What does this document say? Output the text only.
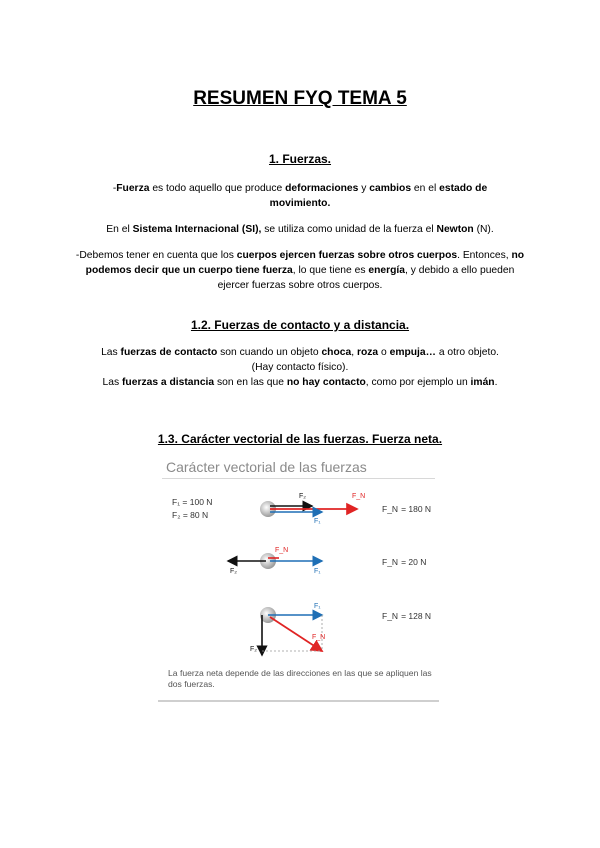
RESUMEN FYQ TEMA 5
1. Fuerzas.
-Fuerza es todo aquello que produce deformaciones y cambios en el estado de movimiento.
En el Sistema Internacional (SI), se utiliza como unidad de la fuerza el Newton (N).
-Debemos tener en cuenta que los cuerpos ejercen fuerzas sobre otros cuerpos. Entonces, no podemos decir que un cuerpo tiene fuerza, lo que tiene es energía, y debido a ello pueden ejercer fuerzas sobre otros cuerpos.
1.2. Fuerzas de contacto y a distancia.
Las fuerzas de contacto son cuando un objeto choca, roza o empuja… a otro objeto.
(Hay contacto físico).
Las fuerzas a distancia son en las que no hay contacto, como por ejemplo un imán.
1.3. Carácter vectorial de las fuerzas. Fuerza neta.
Carácter vectorial de las fuerzas
F₁ = 100 N
F₂ = 80 N
F₂	F_N
F₁
F_N = 180 N
F_N
F₂	F₁
F_N = 20 N
F₁
F_N
F₂
F_N = 128 N
La fuerza neta depende de las direcciones en las que se apliquen las dos fuerzas.
